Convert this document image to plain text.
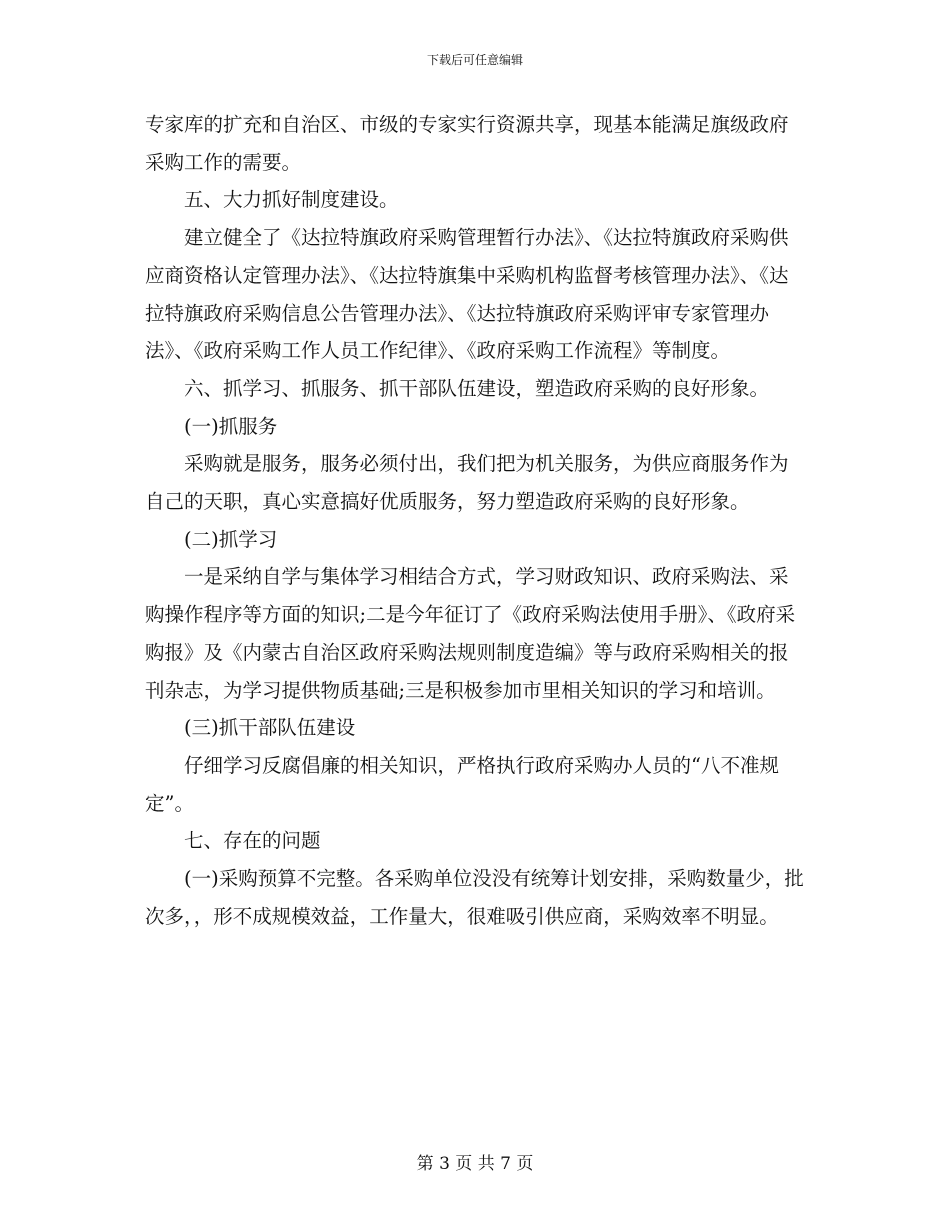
下载后可任意编辑

专家库的扩充和自治区、市级的专家实行资源共享，现基本能满足旗级政府采购工作的需要。

五、大力抓好制度建设。

建立健全了《达拉特旗政府采购管理暂行办法》、《达拉特旗政府采购供应商资格认定管理办法》、《达拉特旗集中采购机构监督考核管理办法》、《达拉特旗政府采购信息公告管理办法》、《达拉特旗政府采购评审专家管理办法》、《政府采购工作人员工作纪律》、《政府采购工作流程》等制度。

六、抓学习、抓服务、抓干部队伍建设，塑造政府采购的良好形象。

(一)抓服务

采购就是服务，服务必须付出，我们把为机关服务，为供应商服务作为自己的天职，真心实意搞好优质服务，努力塑造政府采购的良好形象。

(二)抓学习

一是采纳自学与集体学习相结合方式，学习财政知识、政府采购法、采购操作程序等方面的知识;二是今年征订了《政府采购法使用手册》、《政府采购报》及《内蒙古自治区政府采购法规则制度造编》等与政府采购相关的报刊杂志，为学习提供物质基础;三是积极参加市里相关知识的学习和培训。

(三)抓干部队伍建设

仔细学习反腐倡廉的相关知识，严格执行政府采购办人员的“八不准规定”。

七、存在的问题

(一)采购预算不完整。各采购单位没没有统筹计划安排，采购数量少，批次多，，形不成规模效益，工作量大，很难吸引供应商，采购效率不明显。

第 3 页 共 7 页
